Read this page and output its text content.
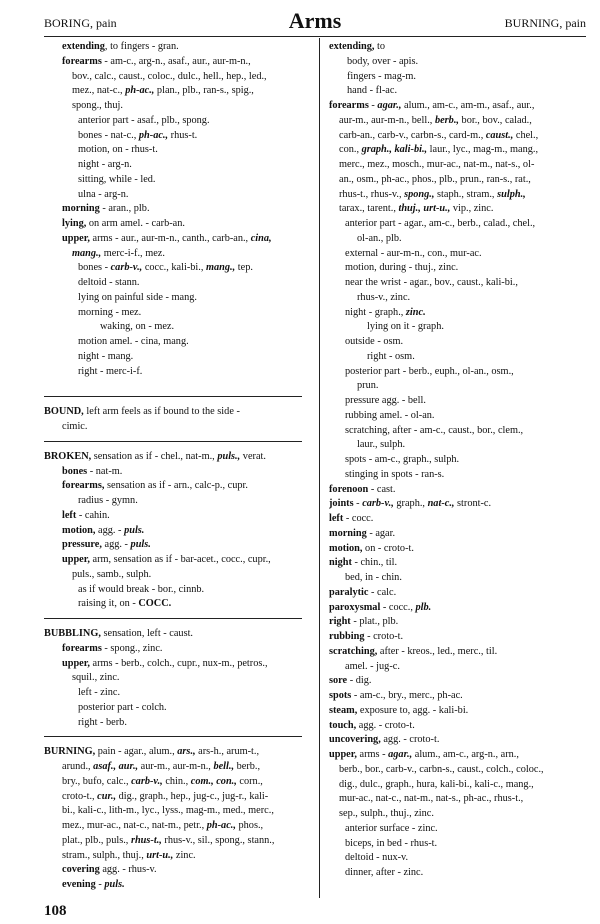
BORING, pain	Arms	BURNING, pain
extending, to fingers - gran.
forearms - am-c., arg-n., asaf., aur., aur-m-n.,
bov., calc., caust., coloc., dulc., hell., hep., led.,
mez., nat-c., ph-ac., plan., plb., ran-s., spig.,
spong., thuj.
anterior part - asaf., plb., spong.
bones - nat-c., ph-ac., rhus-t.
motion, on - rhus-t.
night - arg-n.
sitting, while - led.
ulna - arg-n.
morning - aran., plb.
lying, on arm amel. - carb-an.
upper, arms - aur., aur-m-n., canth., carb-an., cina,
mang., merc-i-f., mez.
bones - carb-v., cocc., kali-bi., mang., tep.
deltoid - stann.
lying on painful side - mang.
morning - mez.
waking, on - mez.
motion amel. - cina, mang.
night - mang.
right - merc-i-f.
BOUND, left arm feels as if bound to the side -
cimic.
BROKEN, sensation as if - chel., nat-m., puls., verat.
bones - nat-m.
forearms, sensation as if - arn., calc-p., cupr.
radius - gymn.
left - cahin.
motion, agg. - puls.
pressure, agg. - puls.
upper, arm, sensation as if - bar-acet., cocc., cupr.,
puls., samb., sulph.
as if would break - bor., cinnb.
raising it, on - COCC.
BUBBLING, sensation, left - caust.
forearms - spong., zinc.
upper, arms - berb., colch., cupr., nux-m., petros.,
squil., zinc.
left - zinc.
posterior part - colch.
right - berb.
BURNING, pain - agar., alum., ars., ars-h., arum-t.,
arund., asaf., aur., aur-m., aur-m-n., bell., berb.,
bry., bufo, calc., carb-v., chin., com., con., corn.,
croto-t., cur., dig., graph., hep., jug-c., jug-r., kali-
bi., kali-c., lith-m., lyc., lyss., mag-m., med., merc.,
mez., mur-ac., nat-c., nat-m., petr., ph-ac., phos.,
plat., plb., puls., rhus-t., rhus-v., sil., spong., stann.,
stram., sulph., thuj., urt-u., zinc.
covering agg. - rhus-v.
evening - puls.
extending, to
body, over - apis.
fingers - mag-m.
hand - fl-ac.
forearms - agar., alum., am-c., am-m., asaf., aur.,
aur-m., aur-m-n., bell., berb., bor., bov., calad.,
carb-an., carb-v., carbn-s., card-m., caust., chel.,
con., graph., kali-bi., laur., lyc., mag-m., mang.,
merc., mez., mosch., mur-ac., nat-m., nat-s., ol-
an., osm., ph-ac., phos., plb., prun., ran-s., rat.,
rhus-t., rhus-v., spong., staph., stram., sulph.,
tarax., tarent., thuj., urt-u., vip., zinc.
anterior part - agar., am-c., berb., calad., chel.,
ol-an., plb.
external - aur-m-n., con., mur-ac.
motion, during - thuj., zinc.
near the wrist - agar., bov., caust., kali-bi.,
rhus-v., zinc.
night - graph., zinc.
lying on it - graph.
outside - osm.
right - osm.
posterior part - berb., euph., ol-an., osm.,
prun.
pressure agg. - bell.
rubbing amel. - ol-an.
scratching, after - am-c., caust., bor., clem.,
laur., sulph.
spots - am-c., graph., sulph.
stinging in spots - ran-s.
forenoon - cast.
joints - carb-v., graph., nat-c., stront-c.
left - cocc.
morning - agar.
motion, on - croto-t.
night - chin., til.
bed, in - chin.
paralytic - calc.
paroxysmal - cocc., plb.
right - plat., plb.
rubbing - croto-t.
scratching, after - kreos., led., merc., til.
amel. - jug-c.
sore - dig.
spots - am-c., bry., merc., ph-ac.
steam, exposure to, agg. - kali-bi.
touch, agg. - croto-t.
uncovering, agg. - croto-t.
upper, arms - agar., alum., am-c., arg-n., arn.,
berb., bor., carb-v., carbn-s., caust., colch., coloc.,
dig., dulc., graph., hura, kali-bi., kali-c., mang.,
mur-ac., nat-c., nat-m., nat-s., ph-ac., rhus-t.,
sep., sulph., thuj., zinc.
anterior surface - zinc.
biceps, in bed - rhus-t.
deltoid - nux-v.
dinner, after - zinc.
108
